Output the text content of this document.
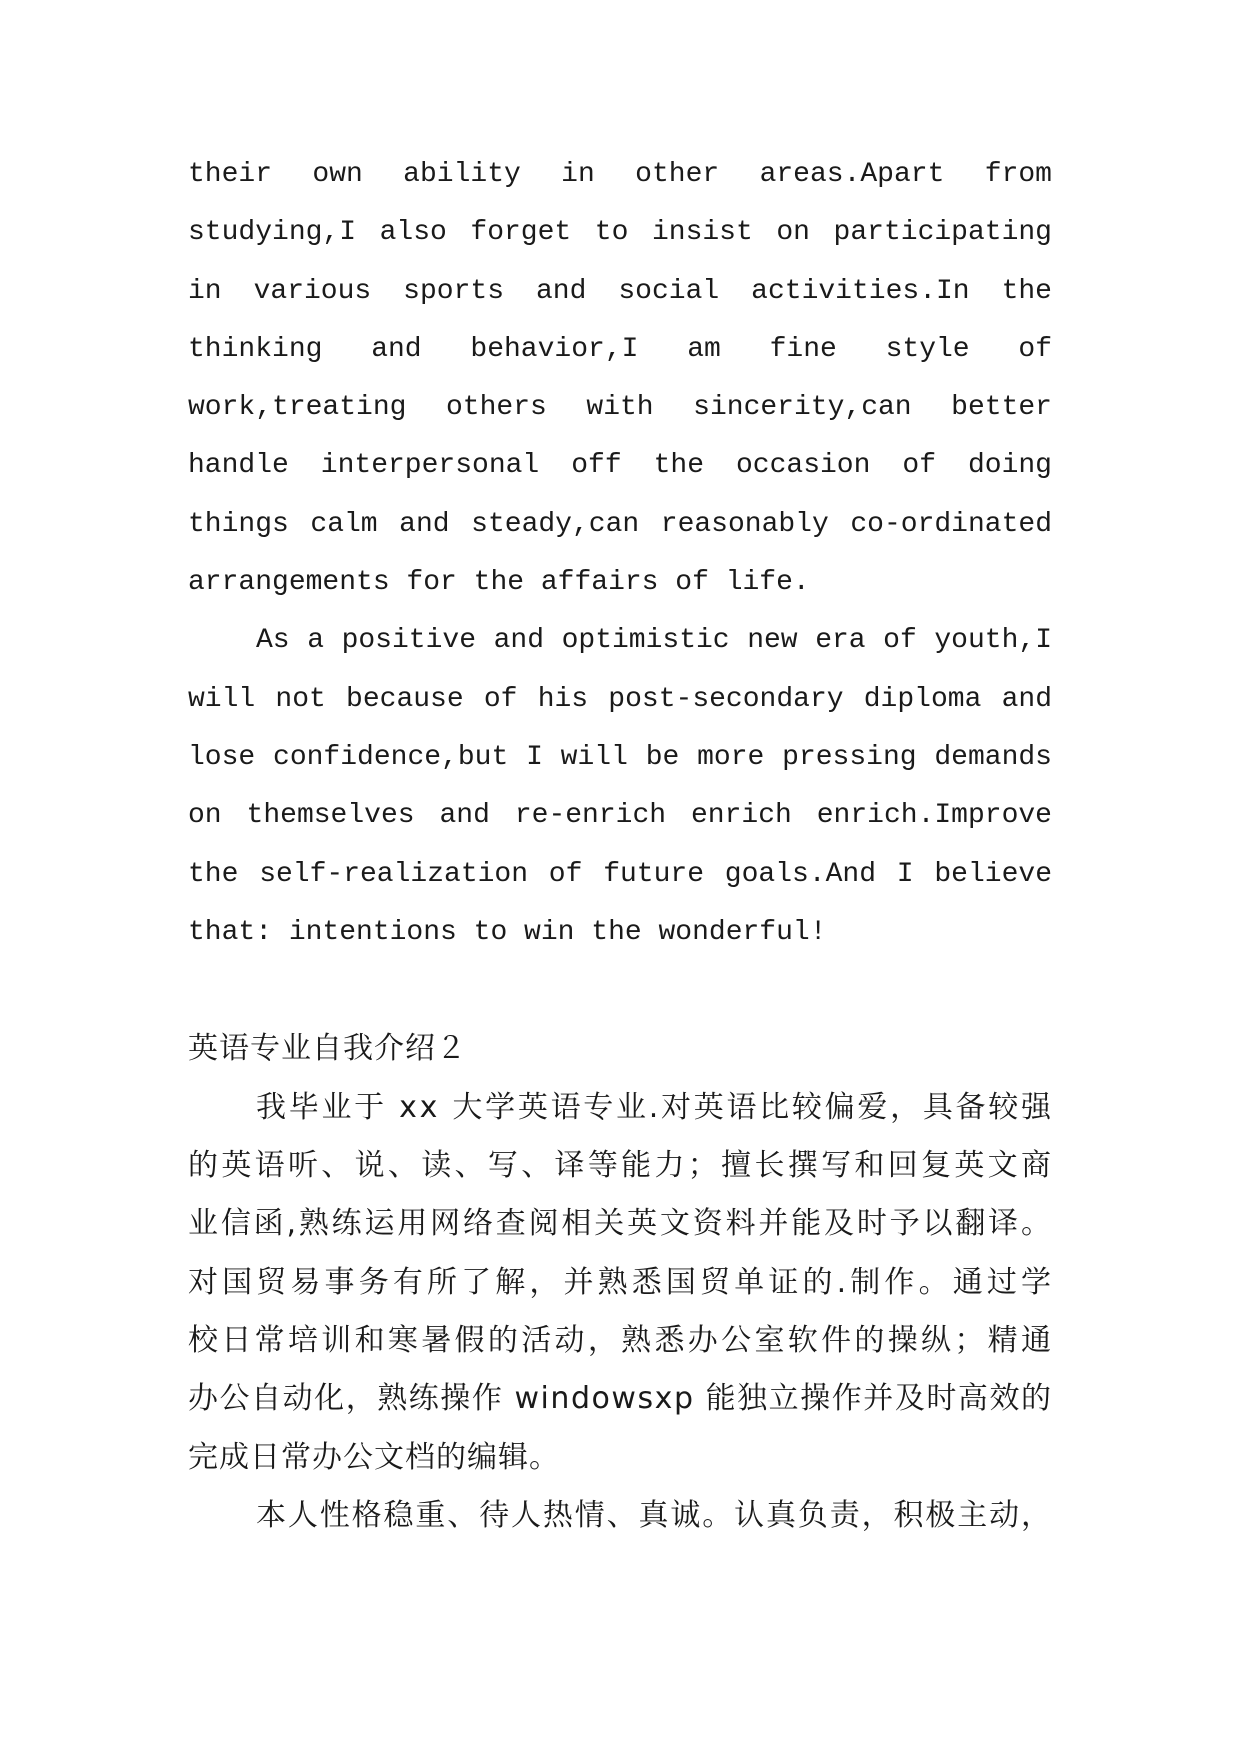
their own ability in other areas.Apart from
studying,I also forget to insist on participating
in various sports and social activities.In the
thinking and behavior,I am fine style of
work,treating others with sincerity,can better
handle interpersonal off the occasion of doing
things calm and steady,can reasonably co-ordinated
arrangements for the affairs of life.
As a positive and optimistic new era of youth,I
will not because of his post-secondary diploma and
lose confidence,but I will be more pressing demands
on themselves and re-enrich enrich enrich.Improve
the self-realization of future goals.And I believe
that: intentions to win the wonderful!
英语专业自我介绍２
我毕业于 xx 大学英语专业.对英语比较偏爱，具备较强
的英语听、说、读、写、译等能力；擅长撰写和回复英文商
业信函,熟练运用网络查阅相关英文资料并能及时予以翻译。
对国贸易事务有所了解，并熟悉国贸单证的.制作。通过学
校日常培训和寒暑假的活动，熟悉办公室软件的操纵；精通
办公自动化，熟练操作 windowsxp 能独立操作并及时高效的
完成日常办公文档的编辑。
本人性格稳重、待人热情、真诚。认真负责，积极主动，
